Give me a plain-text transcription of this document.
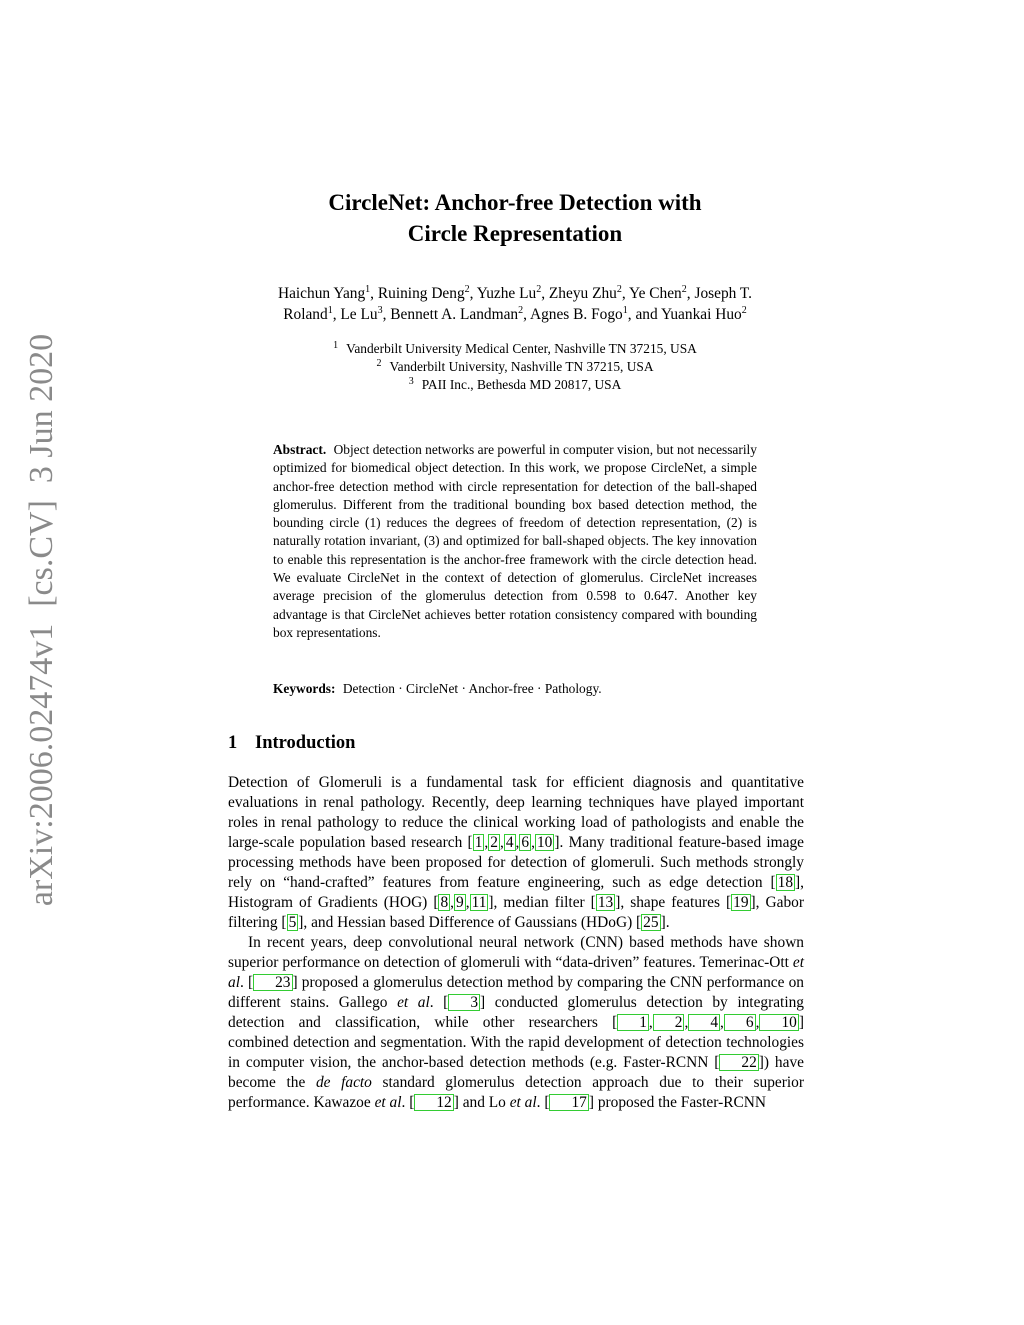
arXiv:2006.02474v1  [cs.CV]  3 Jun 2020
CircleNet: Anchor-free Detection with
Circle Representation
Haichun Yang$^1$, Ruining Deng$^2$, Yuzhe Lu$^2$, Zheyu Zhu$^2$, Ye Chen$^2$, Joseph T.
Roland$^1$, Le Lu$^3$, Bennett A. Landman$^2$, Agnes B. Fogo$^1$, and Yuankai Huo$^2$
$^1$ Vanderbilt University Medical Center, Nashville TN 37215, USA
$^2$ Vanderbilt University, Nashville TN 37215, USA
$^3$ PAII Inc., Bethesda MD 20817, USA
Abstract. Object detection networks are powerful in computer vision, but not necessarily optimized for biomedical object detection. In this work, we propose CircleNet, a simple anchor-free detection method with circle representation for detection of the ball-shaped glomerulus. Different from the traditional bounding box based detection method, the bounding circle (1) reduces the degrees of freedom of detection representation, (2) is naturally rotation invariant, (3) and optimized for ball-shaped objects. The key innovation to enable this representation is the anchor-free framework with the circle detection head. We evaluate CircleNet in the context of detection of glomerulus. CircleNet increases average precision of the glomerulus detection from 0.598 to 0.647. Another key advantage is that CircleNet achieves better rotation consistency compared with bounding box representations.
Keywords: Detection · CircleNet · Anchor-free · Pathology.
1 Introduction
Detection of Glomeruli is a fundamental task for efficient diagnosis and quantitative evaluations in renal pathology. Recently, deep learning techniques have played important roles in renal pathology to reduce the clinical working load of pathologists and enable the large-scale population based research [ 1 , 2 , 4 , 6 , 10 ]. Many traditional feature-based image processing methods have been proposed for detection of glomeruli. Such methods strongly rely on “hand-crafted” features from feature engineering, such as edge detection [ 18 ], Histogram of Gradients (HOG) [ 8 , 9 , 11 ], median filter [ 13 ], shape features [ 19 ], Gabor filtering [ 5 ], and Hessian based Difference of Gaussians (HDoG) [ 25 ].
In recent years, deep convolutional neural network (CNN) based methods have shown superior performance on detection of glomeruli with “data-driven” features. Temerinac-Ott et al. [ 23 ] proposed a glomerulus detection method by comparing the CNN performance on different stains. Gallego et al. [ 3 ] conducted glomerulus detection by integrating detection and classification, while other researchers [ 1 , 2 , 4 , 6 , 10 ] combined detection and segmentation. With the rapid development of detection technologies in computer vision, the anchor-based detection methods (e.g. Faster-RCNN [ 22 ]) have become the de facto standard glomerulus detection approach due to their superior performance. Kawazoe et al. [ 12 ] and Lo et al. [ 17 ] proposed the Faster-RCNN
